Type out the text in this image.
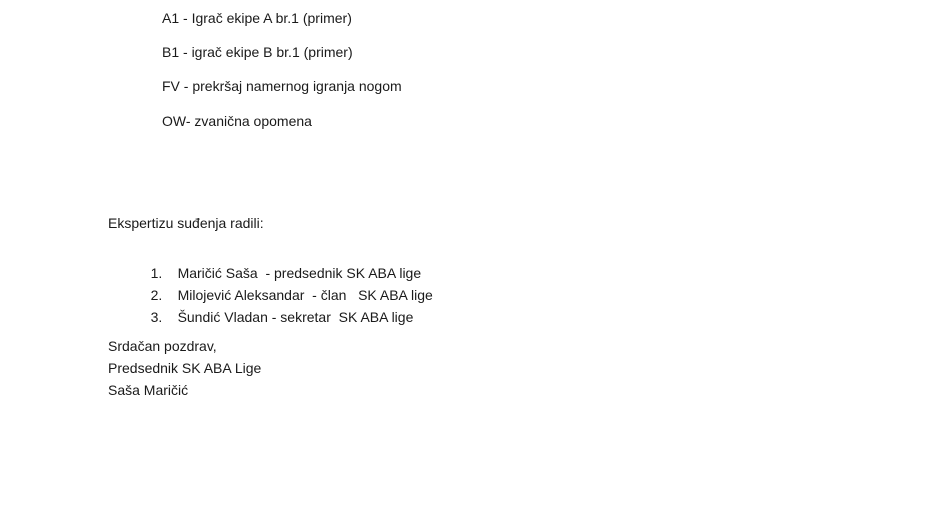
A1 - Igrač ekipe A br.1 (primer)
B1 - igrač ekipe B br.1 (primer)
FV - prekršaj namernog igranja nogom
OW- zvanična opomena
Ekspertizu suđenja radili:

1. Maričić Saša  - predsednik SK ABA lige

2. Milojević Aleksandar  - član   SK ABA lige

3. Šundić Vladan - sekretar  SK ABA lige

Srdačan pozdrav,
Predsednik SK ABA Lige
Saša Maričić
